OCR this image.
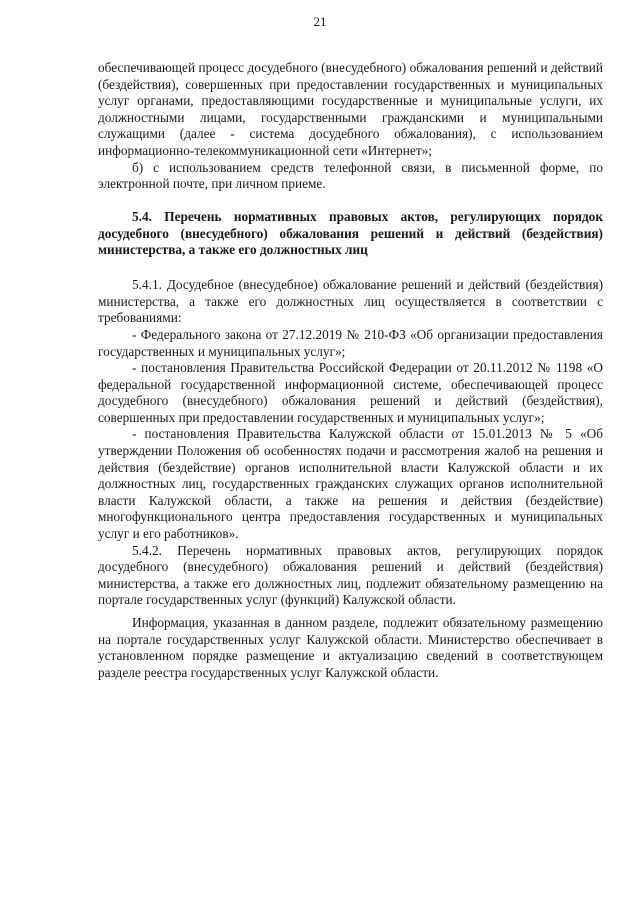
21

обеспечивающей процесс досудебного (внесудебного) обжалования решений и действий (бездействия), совершенных при предоставлении государственных и муниципальных услуг органами, предоставляющими государственные и муниципальные услуги, их должностными лицами, государственными гражданскими и муниципальными служащими (далее - система досудебного обжалования), с использованием информационно-телекоммуникационной сети «Интернет»;

б) с использованием средств телефонной связи, в письменной форме, по электронной почте, при личном приеме.

5.4. Перечень нормативных правовых актов, регулирующих порядок досудебного (внесудебного) обжалования решений и действий (бездействия) министерства, а также его должностных лиц

5.4.1. Досудебное (внесудебное) обжалование решений и действий (бездействия) министерства, а также его должностных лиц осуществляется в соответствии с требованиями:

- Федерального закона от 27.12.2019 № 210-ФЗ «Об организации предоставления государственных и муниципальных услуг»;

- постановления Правительства Российской Федерации от 20.11.2012 № 1198 «О федеральной государственной информационной системе, обеспечивающей процесс досудебного (внесудебного) обжалования решений и действий (бездействия), совершенных при предоставлении государственных и муниципальных услуг»;

- постановления Правительства Калужской области от 15.01.2013 № 5 «Об утверждении Положения об особенностях подачи и рассмотрения жалоб на решения и действия (бездействие) органов исполнительной власти Калужской области и их должностных лиц, государственных гражданских служащих органов исполнительной власти Калужской области, а также на решения и действия (бездействие) многофункционального центра предоставления государственных и муниципальных услуг и его работников».

5.4.2. Перечень нормативных правовых актов, регулирующих порядок досудебного (внесудебного) обжалования решений и действий (бездействия) министерства, а также его должностных лиц, подлежит обязательному размещению на портале государственных услуг (функций) Калужской области.

Информация, указанная в данном разделе, подлежит обязательному размещению на портале государственных услуг Калужской области. Министерство обеспечивает в установленном порядке размещение и актуализацию сведений в соответствующем разделе реестра государственных услуг Калужской области.
